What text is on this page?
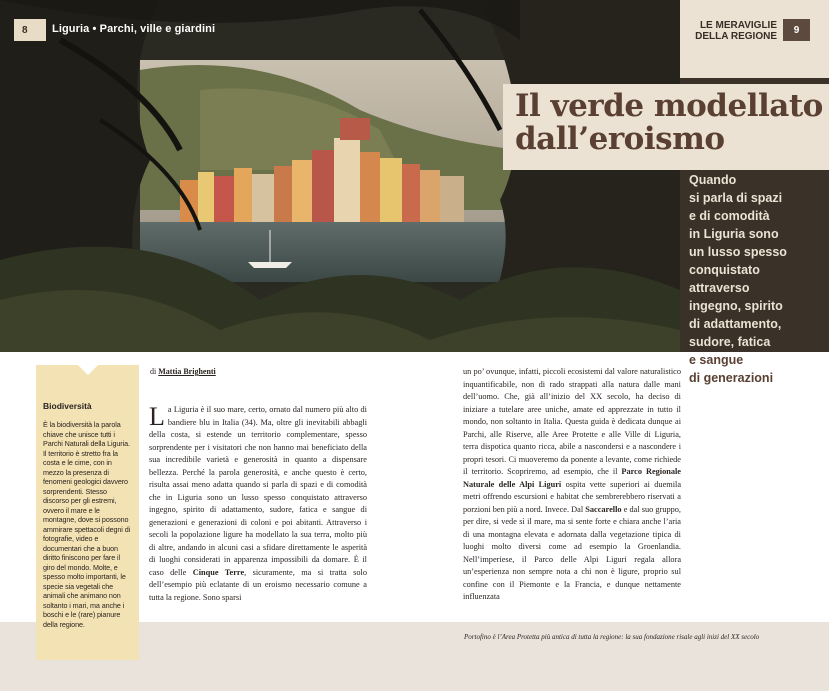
8	Liguria • Parchi, ville e giardini	LE MERAVIGLIE
DELLA REGIONE
9
Il verde modellato
dall’eroismo
Quando
si parla di spazi
e di comodità
in Liguria sono
un lusso spesso
conquistato
attraverso
ingegno, spirito
di adattamento,
sudore, fatica
e sangue
di generazioni
Portofino è l’Area Protetta più antica di tutta la regione: la sua fondazione risale agli inizi del XX secolo
Biodiversità

È la biodiversità la parola chiave che unisce tutti i Parchi Naturali della Liguria. Il territorio è stretto fra la costa e le cime, con in mezzo la presenza di fenomeni geologici davvero sorprendenti. Stesso discorso per gli estremi, ovvero il mare e le montagne, dove si possono ammirare spettacoli degni di fotografie, video e documentari che a buon diritto finiscono per fare il giro del mondo. Molte, e spesso molto importanti, le specie sia vegetali che animali che animano non soltanto i mari, ma anche i boschi e le (rare) pianure della regione.

di Mattia Brighenti
La Liguria è il suo mare, certo, ornato dal numero più alto di bandiere blu in Italia (34). Ma, oltre gli inevitabili abbagli della costa, si estende un territorio complementare, spesso sorprendente per i visitatori che non hanno mai beneficiato della sua incredibile varietà e generosità in quanto a dispensare bellezza. Perché la parola generosità, e anche questo è certo, risulta assai meno adatta quando si parla di spazi e di comodità che in Liguria sono un lusso spesso conquistato attraverso ingegno, spirito di adattamento, sudore, fatica e sangue di generazioni e generazioni di coloni e poi abitanti. Attraverso i secoli la popolazione ligure ha modellato la sua terra, molto più di altre, andando in alcuni casi a sfidare direttamente le asperità di luoghi considerati in apparenza impossibili da domare. È il caso delle Cinque Terre, sicuramente, ma si tratta solo dell’esempio più eclatante di un eroismo necessario comune a tutta la regione. Sono sparsi
un po’ ovunque, infatti, piccoli ecosistemi dal valore naturalistico inquantificabile, non di rado strappati alla natura dalle mani dell’uomo. Che, già all’inizio del XX secolo, ha deciso di iniziare a tutelare aree uniche, amate ed apprezzate in tutto il mondo, non soltanto in Italia. Questa guida è dedicata dunque ai Parchi, alle Riserve, alle Aree Protette e alle Ville di Liguria, terra dispotica quanto ricca, abile a nascondersi e a nascondere i propri tesori. Ci muoveremo da ponente a levante, come richiede il territorio. Scopriremo, ad esempio, che il Parco Regionale Naturale delle Alpi Liguri ospita vette superiori ai duemila metri offrendo escursioni e habitat che sembrerebbero riservati a porzioni ben più a nord. Invece. Dal Saccarello e dal suo gruppo, per dire, si vede sì il mare, ma si sente forte e chiara anche l’aria di una montagna elevata e adornata dalla vegetazione tipica di luoghi molto diversi come ad esempio la Groenlandia. Nell’imperiese, il Parco delle Alpi Liguri regala allora un’esperienza non sempre nota a chi non è ligure, proprio sul confine con il Piemonte e la Francia, e dunque nettamente influenzata
